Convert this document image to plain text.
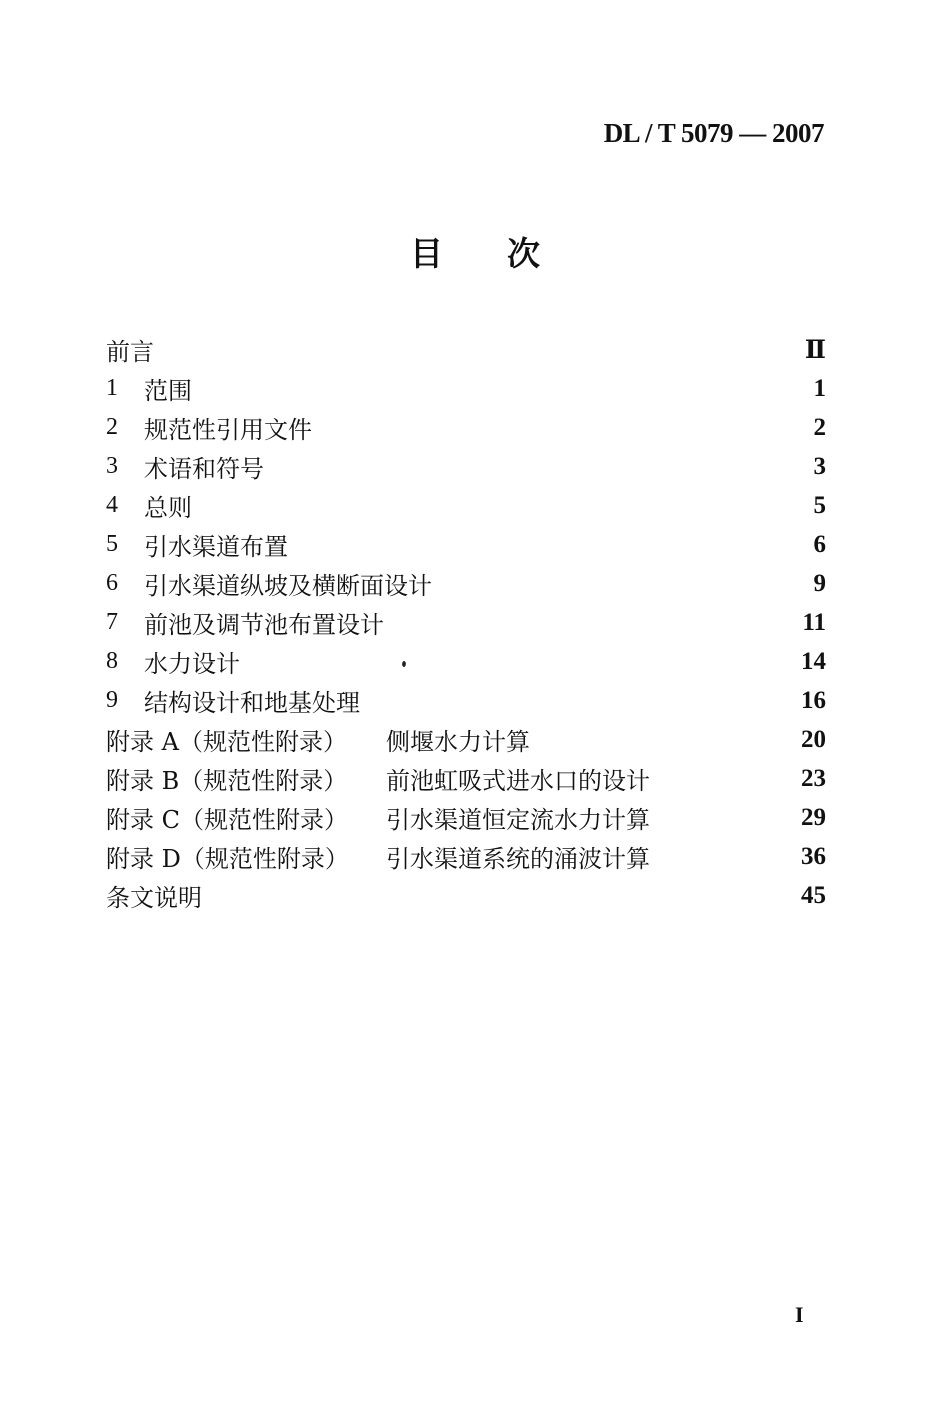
DL / T 5079 — 2007
目次
前言	Ⅱ
1	范围	1
2	规范性引用文件	2
3	术语和符号	3
4	总则	5
5	引水渠道布置	6
6	引水渠道纵坡及横断面设计	9
7	前池及调节池布置设计	11
8	水力设计	14
9	结构设计和地基处理	16
附录 A（规范性附录）	侧堰水力计算	20
附录 B（规范性附录）	前池虹吸式进水口的设计	23
附录 C（规范性附录）	引水渠道恒定流水力计算	29
附录 D（规范性附录）	引水渠道系统的涌波计算	36
条文说明	45
I
